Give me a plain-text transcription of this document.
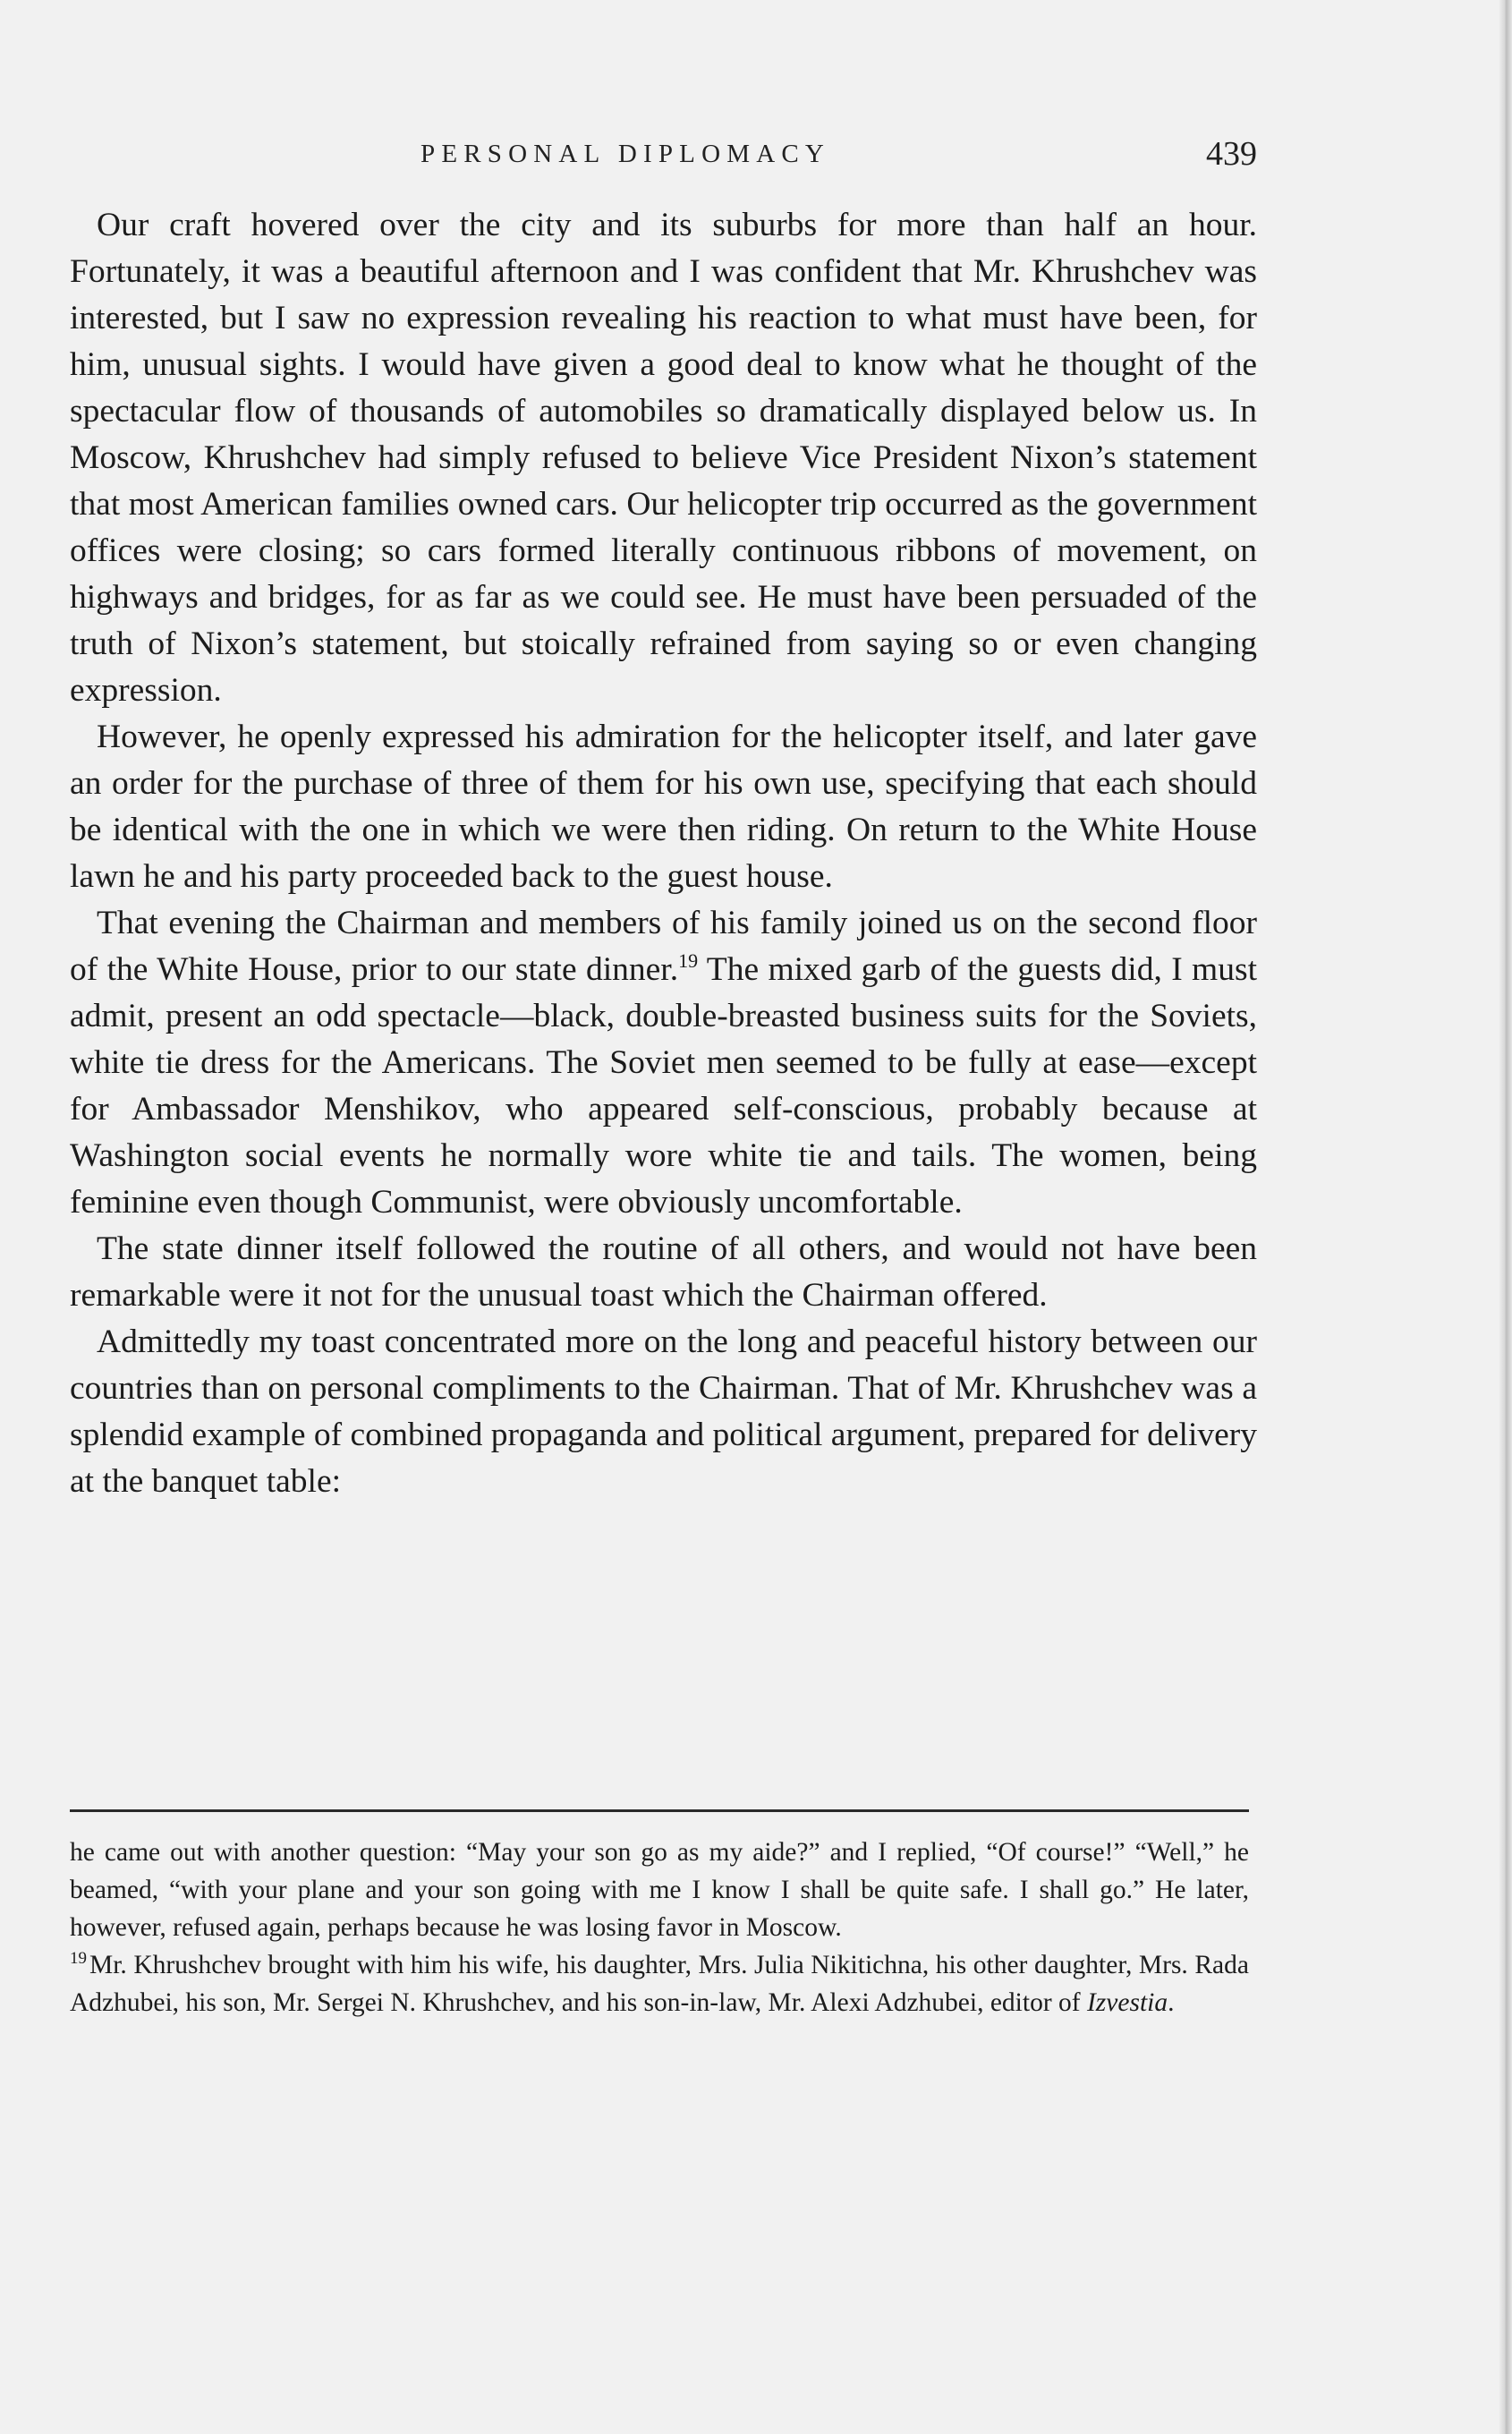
PERSONAL DIPLOMACY	439

Our craft hovered over the city and its suburbs for more than half an hour. Fortunately, it was a beautiful afternoon and I was confident that Mr. Khrushchev was interested, but I saw no expression revealing his reaction to what must have been, for him, unusual sights. I would have given a good deal to know what he thought of the spectacular flow of thousands of automobiles so dramatically displayed below us. In Moscow, Khrushchev had simply refused to believe Vice President Nixon’s statement that most American families owned cars. Our helicopter trip occurred as the government offices were closing; so cars formed literally continuous ribbons of movement, on highways and bridges, for as far as we could see. He must have been persuaded of the truth of Nixon’s statement, but stoically refrained from saying so or even changing expression.

However, he openly expressed his admiration for the helicopter itself, and later gave an order for the purchase of three of them for his own use, specifying that each should be identical with the one in which we were then riding. On return to the White House lawn he and his party proceeded back to the guest house.

That evening the Chairman and members of his family joined us on the second floor of the White House, prior to our state dinner.$^{19}$ The mixed garb of the guests did, I must admit, present an odd spectacle—black, double-breasted business suits for the Soviets, white tie dress for the Americans. The Soviet men seemed to be fully at ease—except for Ambassador Menshikov, who appeared self-conscious, probably because at Washington social events he normally wore white tie and tails. The women, being feminine even though Communist, were obviously uncomfortable.

The state dinner itself followed the routine of all others, and would not have been remarkable were it not for the unusual toast which the Chairman offered.

Admittedly my toast concentrated more on the long and peaceful history between our countries than on personal compliments to the Chairman. That of Mr. Khrushchev was a splendid example of combined propaganda and political argument, prepared for delivery at the banquet table:

he came out with another question: “May your son go as my aide?” and I replied, “Of course!” “Well,” he beamed, “with your plane and your son going with me I know I shall be quite safe. I shall go.” He later, however, refused again, perhaps because he was losing favor in Moscow.

$^{19}$ Mr. Khrushchev brought with him his wife, his daughter, Mrs. Julia Nikitichna, his other daughter, Mrs. Rada Adzhubei, his son, Mr. Sergei N. Khrushchev, and his son-in-law, Mr. Alexi Adzhubei, editor of Izvestia.
